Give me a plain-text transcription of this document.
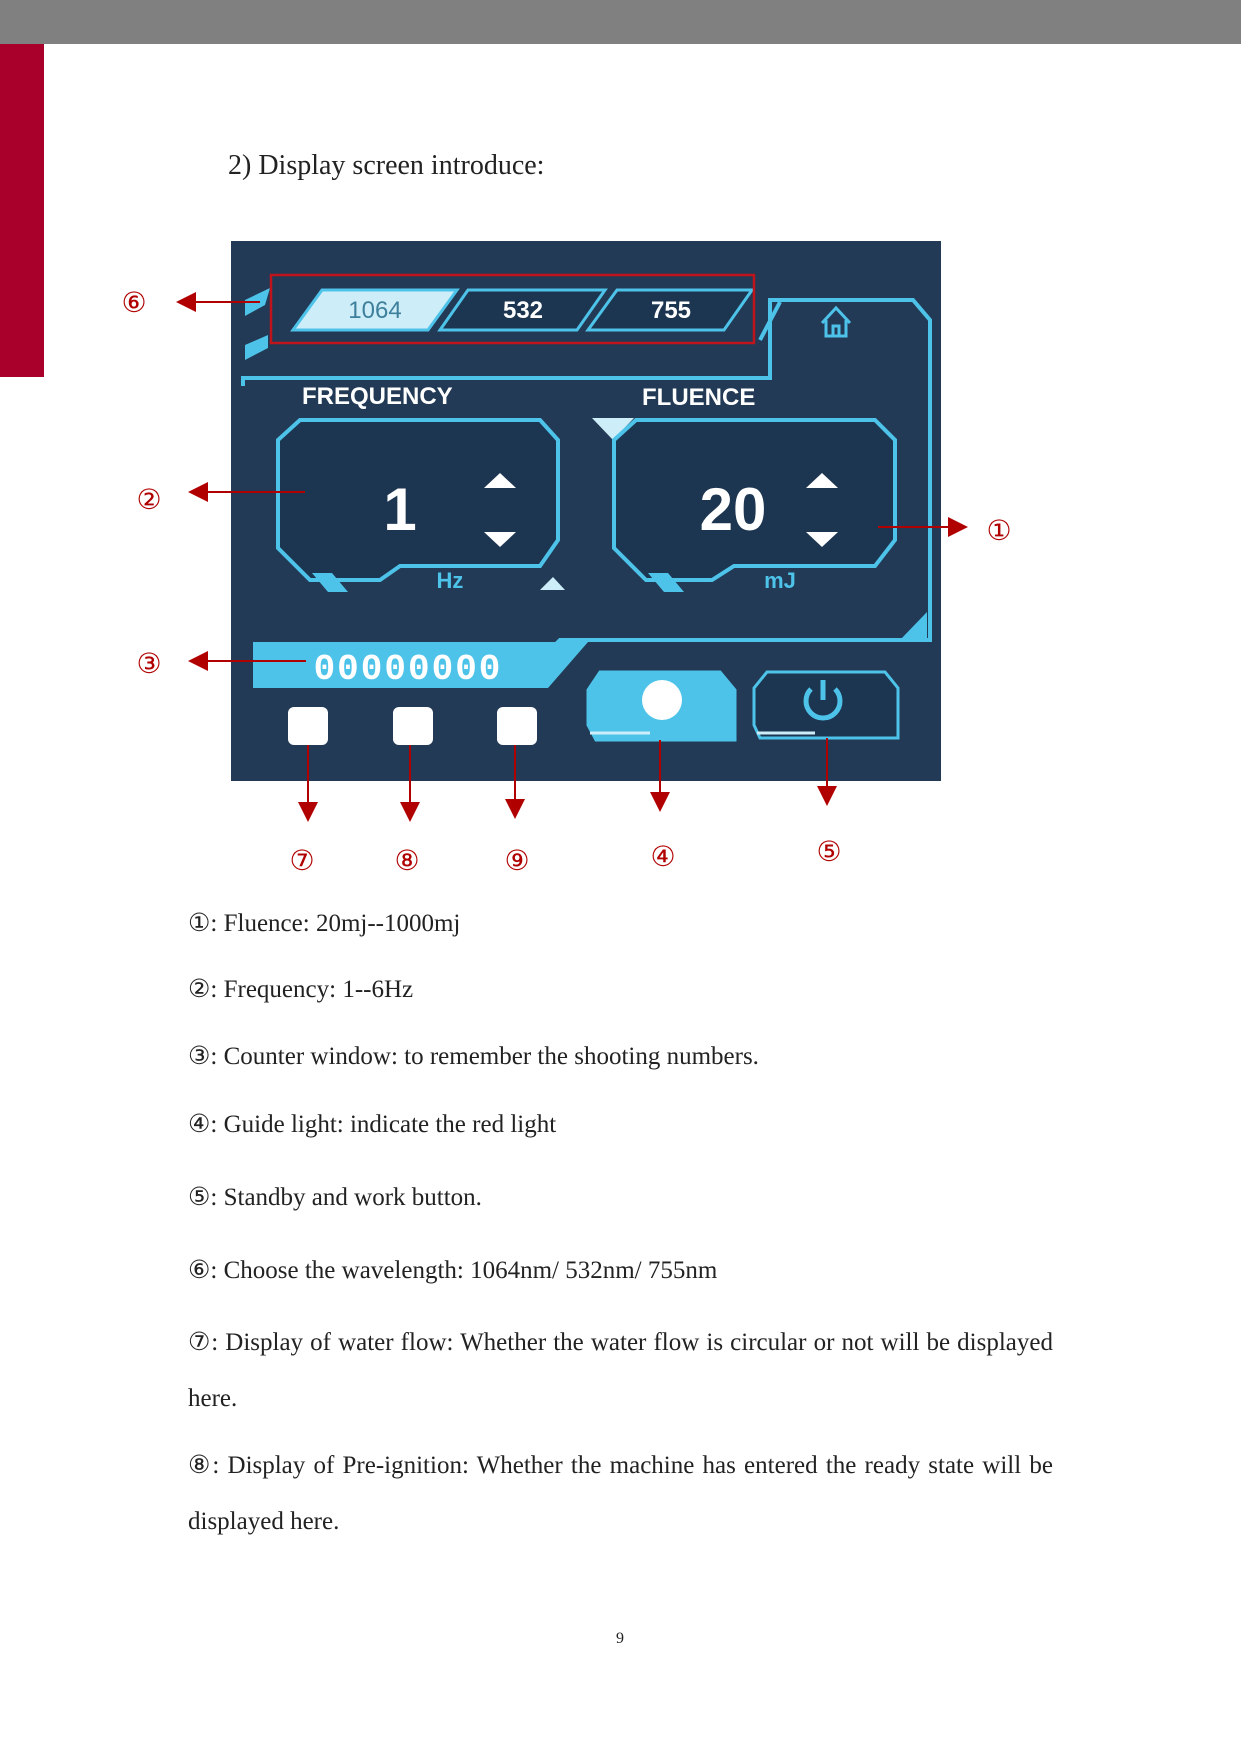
2) Display screen introduce:
1064	532	755
FREQUENCY	FLUENCE
1
Hz
20
mJ
00000000
⑥
②
③
①
⑦	⑧	⑨	④	⑤
①: Fluence: 20mj--1000mj
②: Frequency: 1--6Hz
③: Counter window: to remember the shooting numbers.
④: Guide light: indicate the red light
⑤: Standby and work button.
⑥: Choose the wavelength: 1064nm/ 532nm/ 755nm
⑦: Display of water flow: Whether the water flow is circular or not will be displayed here.
⑧: Display of Pre-ignition: Whether the machine has entered the ready state will be displayed here.
9
